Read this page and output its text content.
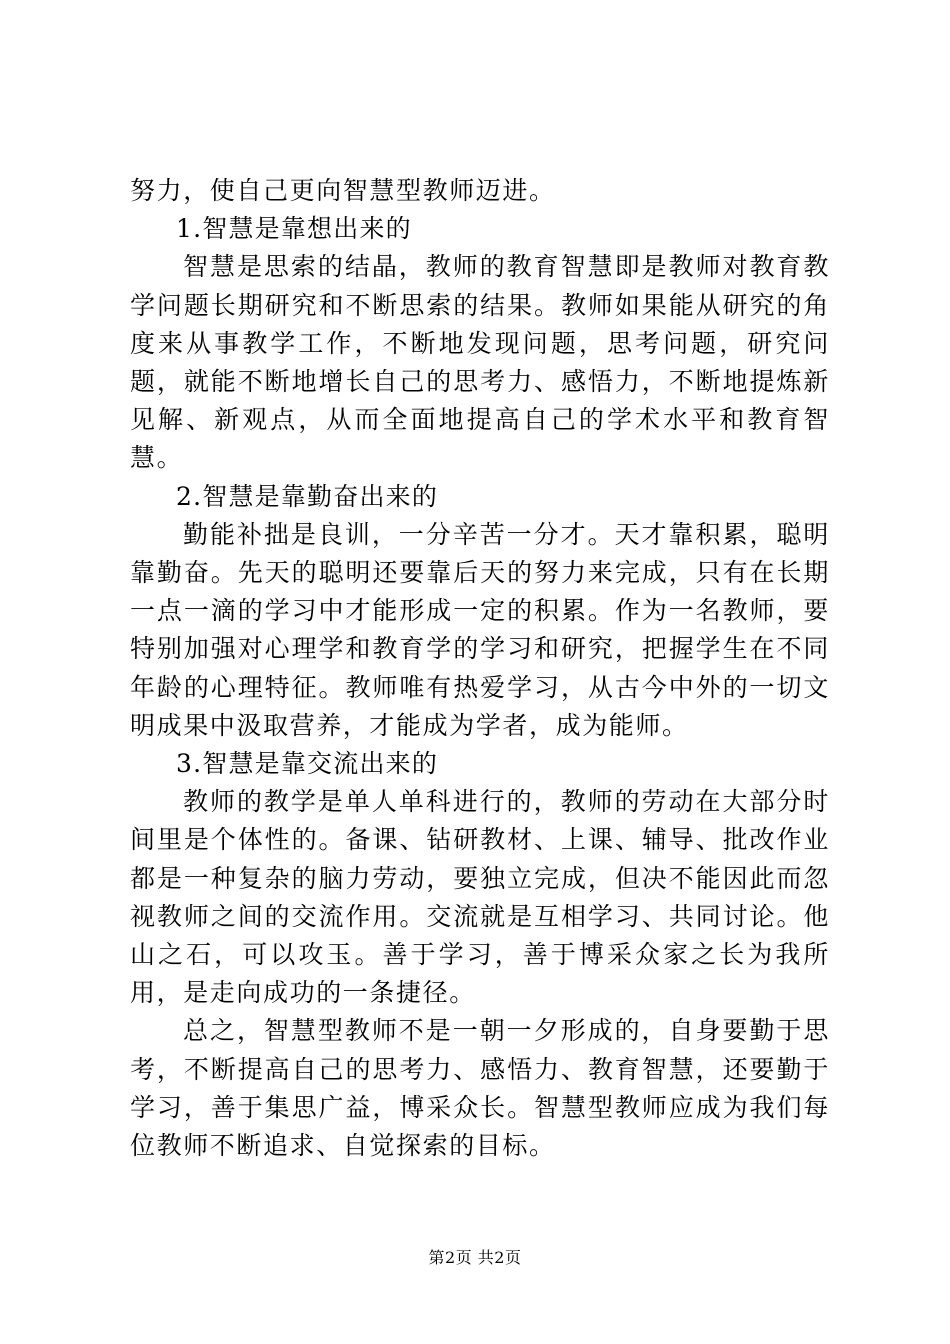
努力，使自己更向智慧型教师迈进。

1.智慧是靠想出来的

智慧是思索的结晶，教师的教育智慧即是教师对教育教学问题长期研究和不断思索的结果。教师如果能从研究的角度来从事教学工作，不断地发现问题，思考问题，研究问题，就能不断地增长自己的思考力、感悟力，不断地提炼新见解、新观点，从而全面地提高自己的学术水平和教育智慧。

2.智慧是靠勤奋出来的

勤能补拙是良训，一分辛苦一分才。天才靠积累，聪明靠勤奋。先天的聪明还要靠后天的努力来完成，只有在长期一点一滴的学习中才能形成一定的积累。作为一名教师，要特别加强对心理学和教育学的学习和研究，把握学生在不同年龄的心理特征。教师唯有热爱学习，从古今中外的一切文明成果中汲取营养，才能成为学者，成为能师。

3.智慧是靠交流出来的

教师的教学是单人单科进行的，教师的劳动在大部分时间里是个体性的。备课、钻研教材、上课、辅导、批改作业都是一种复杂的脑力劳动，要独立完成，但决不能因此而忽视教师之间的交流作用。交流就是互相学习、共同讨论。他山之石，可以攻玉。善于学习，善于博采众家之长为我所用，是走向成功的一条捷径。

总之，智慧型教师不是一朝一夕形成的，自身要勤于思考，不断提高自己的思考力、感悟力、教育智慧，还要勤于学习，善于集思广益，博采众长。智慧型教师应成为我们每位教师不断追求、自觉探索的目标。

第2页 共2页
